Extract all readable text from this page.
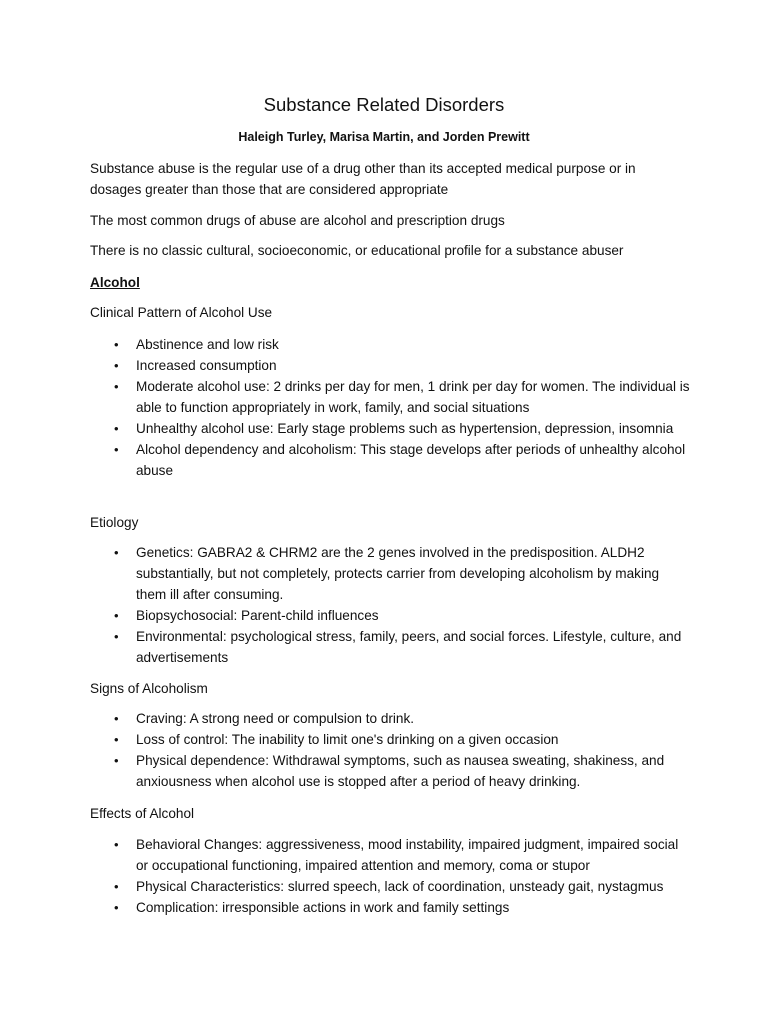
Substance Related Disorders
Haleigh Turley, Marisa Martin, and Jorden Prewitt

Substance abuse is the regular use of a drug other than its accepted medical purpose or in dosages greater than those that are considered appropriate

The most common drugs of abuse are alcohol and prescription drugs

There is no classic cultural, socioeconomic, or educational profile for a substance abuser

Alcohol

Clinical Pattern of Alcohol Use

• Abstinence and low risk
• Increased consumption
• Moderate alcohol use: 2 drinks per day for men, 1 drink per day for women. The individual is able to function appropriately in work, family, and social situations
• Unhealthy alcohol use: Early stage problems such as hypertension, depression, insomnia
• Alcohol dependency and alcoholism: This stage develops after periods of unhealthy alcohol abuse

Etiology

• Genetics: GABRA2 & CHRM2 are the 2 genes involved in the predisposition. ALDH2 substantially, but not completely, protects carrier from developing alcoholism by making them ill after consuming.
• Biopsychosocial: Parent-child influences
• Environmental: psychological stress, family, peers, and social forces. Lifestyle, culture, and advertisements

Signs of Alcoholism

• Craving: A strong need or compulsion to drink.
• Loss of control: The inability to limit one's drinking on a given occasion
• Physical dependence: Withdrawal symptoms, such as nausea sweating, shakiness, and anxiousness when alcohol use is stopped after a period of heavy drinking.

Effects of Alcohol

• Behavioral Changes: aggressiveness, mood instability, impaired judgment, impaired social or occupational functioning, impaired attention and memory, coma or stupor
• Physical Characteristics: slurred speech, lack of coordination, unsteady gait, nystagmus
• Complication: irresponsible actions in work and family settings
